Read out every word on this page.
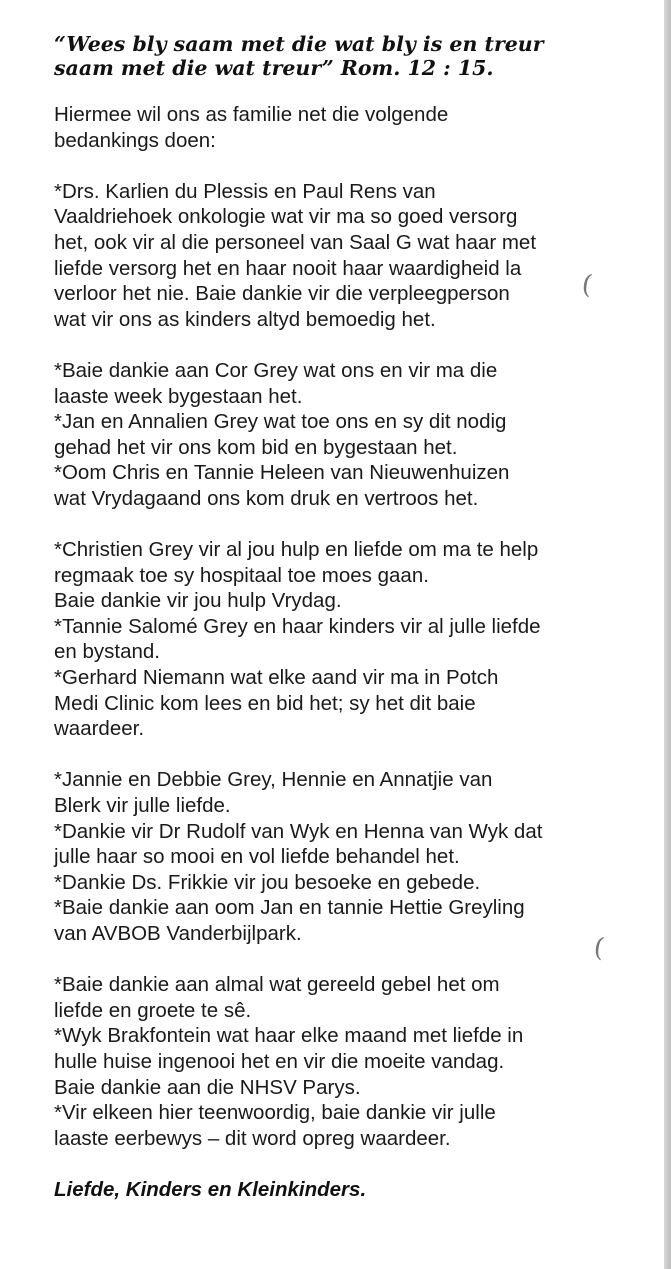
“Wees bly saam met die wat bly is en treur
saam met die wat treur” Rom. 12 : 15.
Hiermee wil ons as familie net die volgende
bedankings doen:
*Drs. Karlien du Plessis en Paul Rens van
Vaaldriehoek onkologie wat vir ma so goed versorg
het, ook vir al die personeel van Saal G wat haar met
liefde versorg het en haar nooit haar waardigheid la
verloor het nie. Baie dankie vir die verpleegperson
wat vir ons as kinders altyd bemoedig het.
*Baie dankie aan Cor Grey wat ons en vir ma die
laaste week bygestaan het.
*Jan en Annalien Grey wat toe ons en sy dit nodig
gehad het vir ons kom bid en bygestaan het.
*Oom Chris en Tannie Heleen van Nieuwenhuizen
wat Vrydagaand ons kom druk en vertroos het.
*Christien Grey vir al jou hulp en liefde om ma te help
regmaak toe sy hospitaal toe moes gaan.
Baie dankie vir jou hulp Vrydag.
*Tannie Salomé Grey en haar kinders vir al julle liefde
en bystand.
*Gerhard Niemann wat elke aand vir ma in Potch
Medi Clinic kom lees en bid het; sy het dit baie
waardeer.
*Jannie en Debbie Grey, Hennie en Annatjie van
Blerk vir julle liefde.
*Dankie vir Dr Rudolf van Wyk en Henna van Wyk dat
julle haar so mooi en vol liefde behandel het.
*Dankie Ds. Frikkie vir jou besoeke en gebede.
*Baie dankie aan oom Jan en tannie Hettie Greyling
van AVBOB Vanderbijlpark.
*Baie dankie aan almal wat gereeld gebel het om
liefde en groete te sê.
*Wyk Brakfontein wat haar elke maand met liefde in
hulle huise ingenooi het en vir die moeite vandag.
Baie dankie aan die NHSV Parys.
*Vir elkeen hier teenwoordig, baie dankie vir julle
laaste eerbewys – dit word opreg waardeer.
Liefde, Kinders en Kleinkinders.
(
(
